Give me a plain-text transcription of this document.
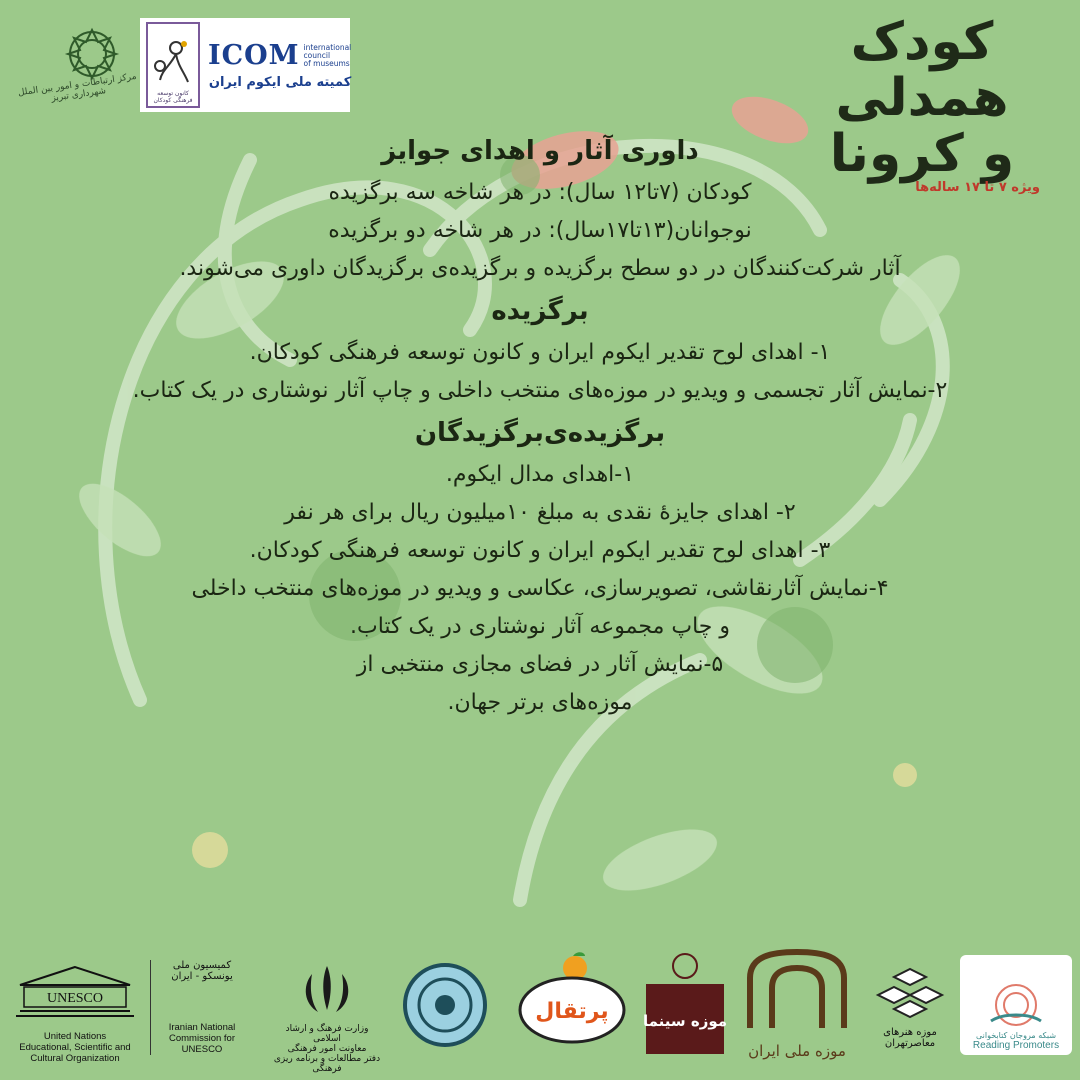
مرکز ارتباطات و امور بین الملل شهرداری تبریز	کانون توسعه فرهنگی کودکان
ICOM international
council
of museums
کمیته ملی ایکوم ایران
کودک
همدلی
و کرونا
ویژه ۷ تا ۱۷ ساله‌ها
داوری آثار و اهدای جوایز
کودکان (۷تا۱۲ سال): در هر شاخه سه برگزیده
نوجوانان(۱۳تا۱۷سال): در هر شاخه دو برگزیده
آثار شرکت‌کنندگان در دو سطح برگزیده و برگزیده‌ی برگزیدگان داوری می‌شوند.
برگزیده
۱- اهدای لوح تقدیر ایکوم ایران و کانون توسعه فرهنگی کودکان.
۲-نمایش آثار تجسمی و ویدیو در موزه‌های منتخب داخلی و چاپ آثار نوشتاری در یک کتاب.
برگزیده‌ی‌برگزیدگان
۱-اهدای مدال ایکوم.
۲- اهدای جایزهٔ نقدی به مبلغ ۱۰میلیون ریال برای هر نفر
۳- اهدای لوح تقدیر ایکوم ایران و کانون توسعه فرهنگی کودکان.
۴-نمایش آثارنقاشی، تصویرسازی، عکاسی و ویدیو در موزه‌های منتخب داخلی
و چاپ مجموعه آثار نوشتاری در یک کتاب.
۵-نمایش آثار در فضای مجازی منتخبی از
موزه‌های برتر جهان.
UNESCO
United Nations
Educational, Scientific and
Cultural Organization
کمیسیون ملی
یونسکو - ایران
Iranian National
Commission for
UNESCO
وزارت فرهنگ و ارشاد اسلامی
معاونت امور فرهنگی
دفتر مطالعات و برنامه ریزی فرهنگی
پرتقال موزه سینما
موزه ملی ایران
موزه هنرهای
معاصرتهران
شبکه مروجان کتابخوانی
Reading Promoters
